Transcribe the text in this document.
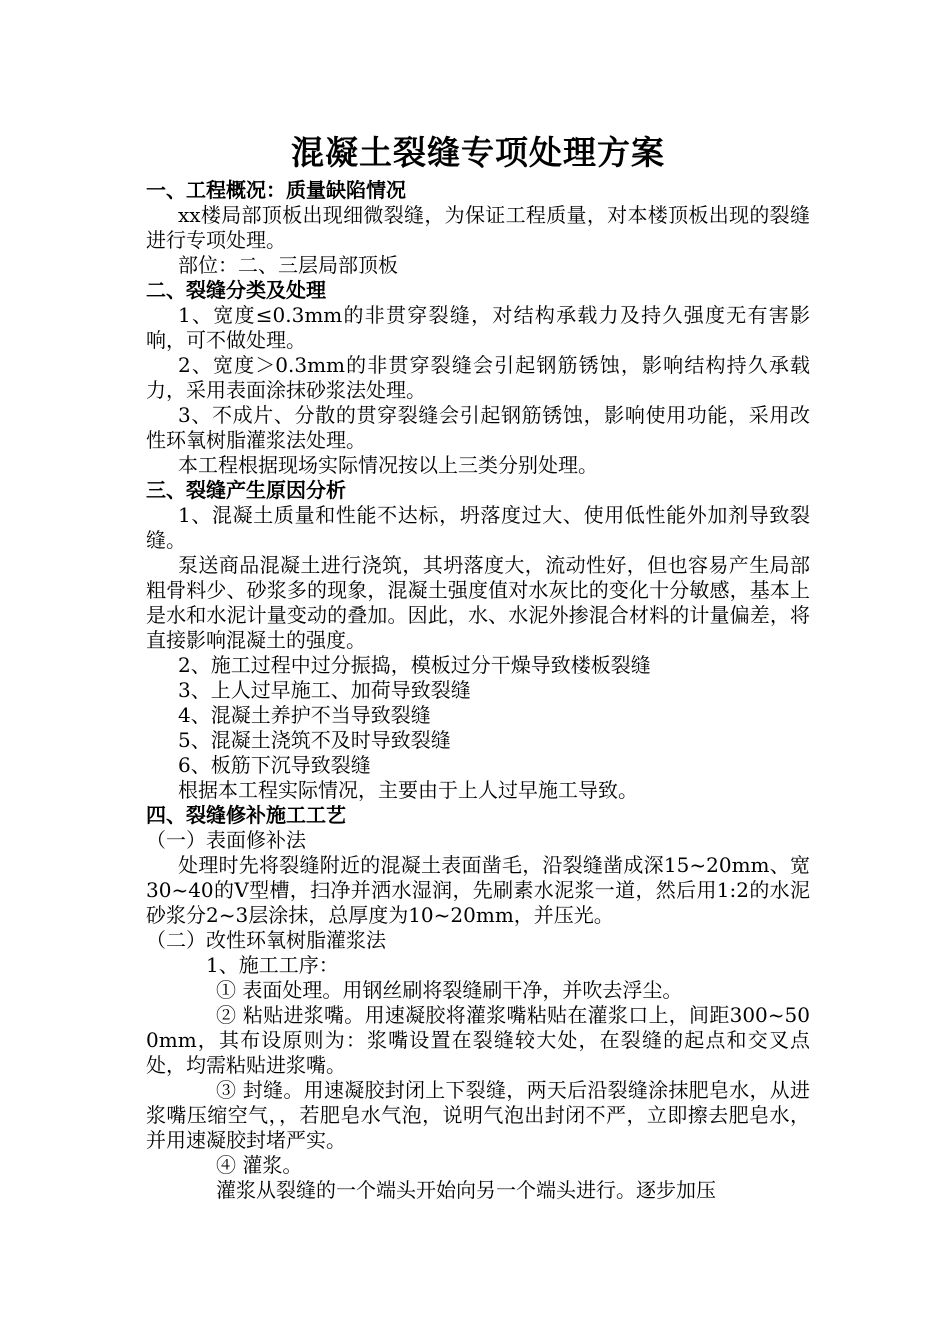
混凝土裂缝专项处理方案
一、工程概况：质量缺陷情况
xx楼局部顶板出现细微裂缝，为保证工程质量，对本楼顶板出现的裂缝进行专项处理。
部位：二、三层局部顶板
二、裂缝分类及处理
1、宽度≤0.3mm的非贯穿裂缝，对结构承载力及持久强度无有害影响，可不做处理。
2、宽度＞0.3mm的非贯穿裂缝会引起钢筋锈蚀，影响结构持久承载力，采用表面涂抹砂浆法处理。
3、不成片、分散的贯穿裂缝会引起钢筋锈蚀，影响使用功能，采用改性环氧树脂灌浆法处理。
本工程根据现场实际情况按以上三类分别处理。
三、裂缝产生原因分析
1、混凝土质量和性能不达标，坍落度过大、使用低性能外加剂导致裂缝。
泵送商品混凝土进行浇筑，其坍落度大，流动性好，但也容易产生局部粗骨料少、砂浆多的现象，混凝土强度值对水灰比的变化十分敏感，基本上是水和水泥计量变动的叠加。因此，水、水泥外掺混合材料的计量偏差，将直接影响混凝土的强度。
2、施工过程中过分振捣，模板过分干燥导致楼板裂缝
3、上人过早施工、加荷导致裂缝
4、混凝土养护不当导致裂缝
5、混凝土浇筑不及时导致裂缝
6、板筋下沉导致裂缝
根据本工程实际情况，主要由于上人过早施工导致。
四、裂缝修补施工工艺
（一）表面修补法
处理时先将裂缝附近的混凝土表面凿毛，沿裂缝凿成深15~20mm、宽30~40的V型槽，扫净并洒水湿润，先刷素水泥浆一道，然后用1:2的水泥砂浆分2~3层涂抹，总厚度为10~20mm，并压光。
（二）改性环氧树脂灌浆法
1、施工工序：
① 表面处理。用钢丝刷将裂缝刷干净，并吹去浮尘。
② 粘贴进浆嘴。用速凝胶将灌浆嘴粘贴在灌浆口上，间距300~500mm，其布设原则为：浆嘴设置在裂缝较大处，在裂缝的起点和交叉点处，均需粘贴进浆嘴。
③ 封缝。用速凝胶封闭上下裂缝，两天后沿裂缝涂抹肥皂水，从进浆嘴压缩空气，，若肥皂水气泡，说明气泡出封闭不严，立即擦去肥皂水，并用速凝胶封堵严实。
④ 灌浆。
灌浆从裂缝的一个端头开始向另一个端头进行。逐步加压
